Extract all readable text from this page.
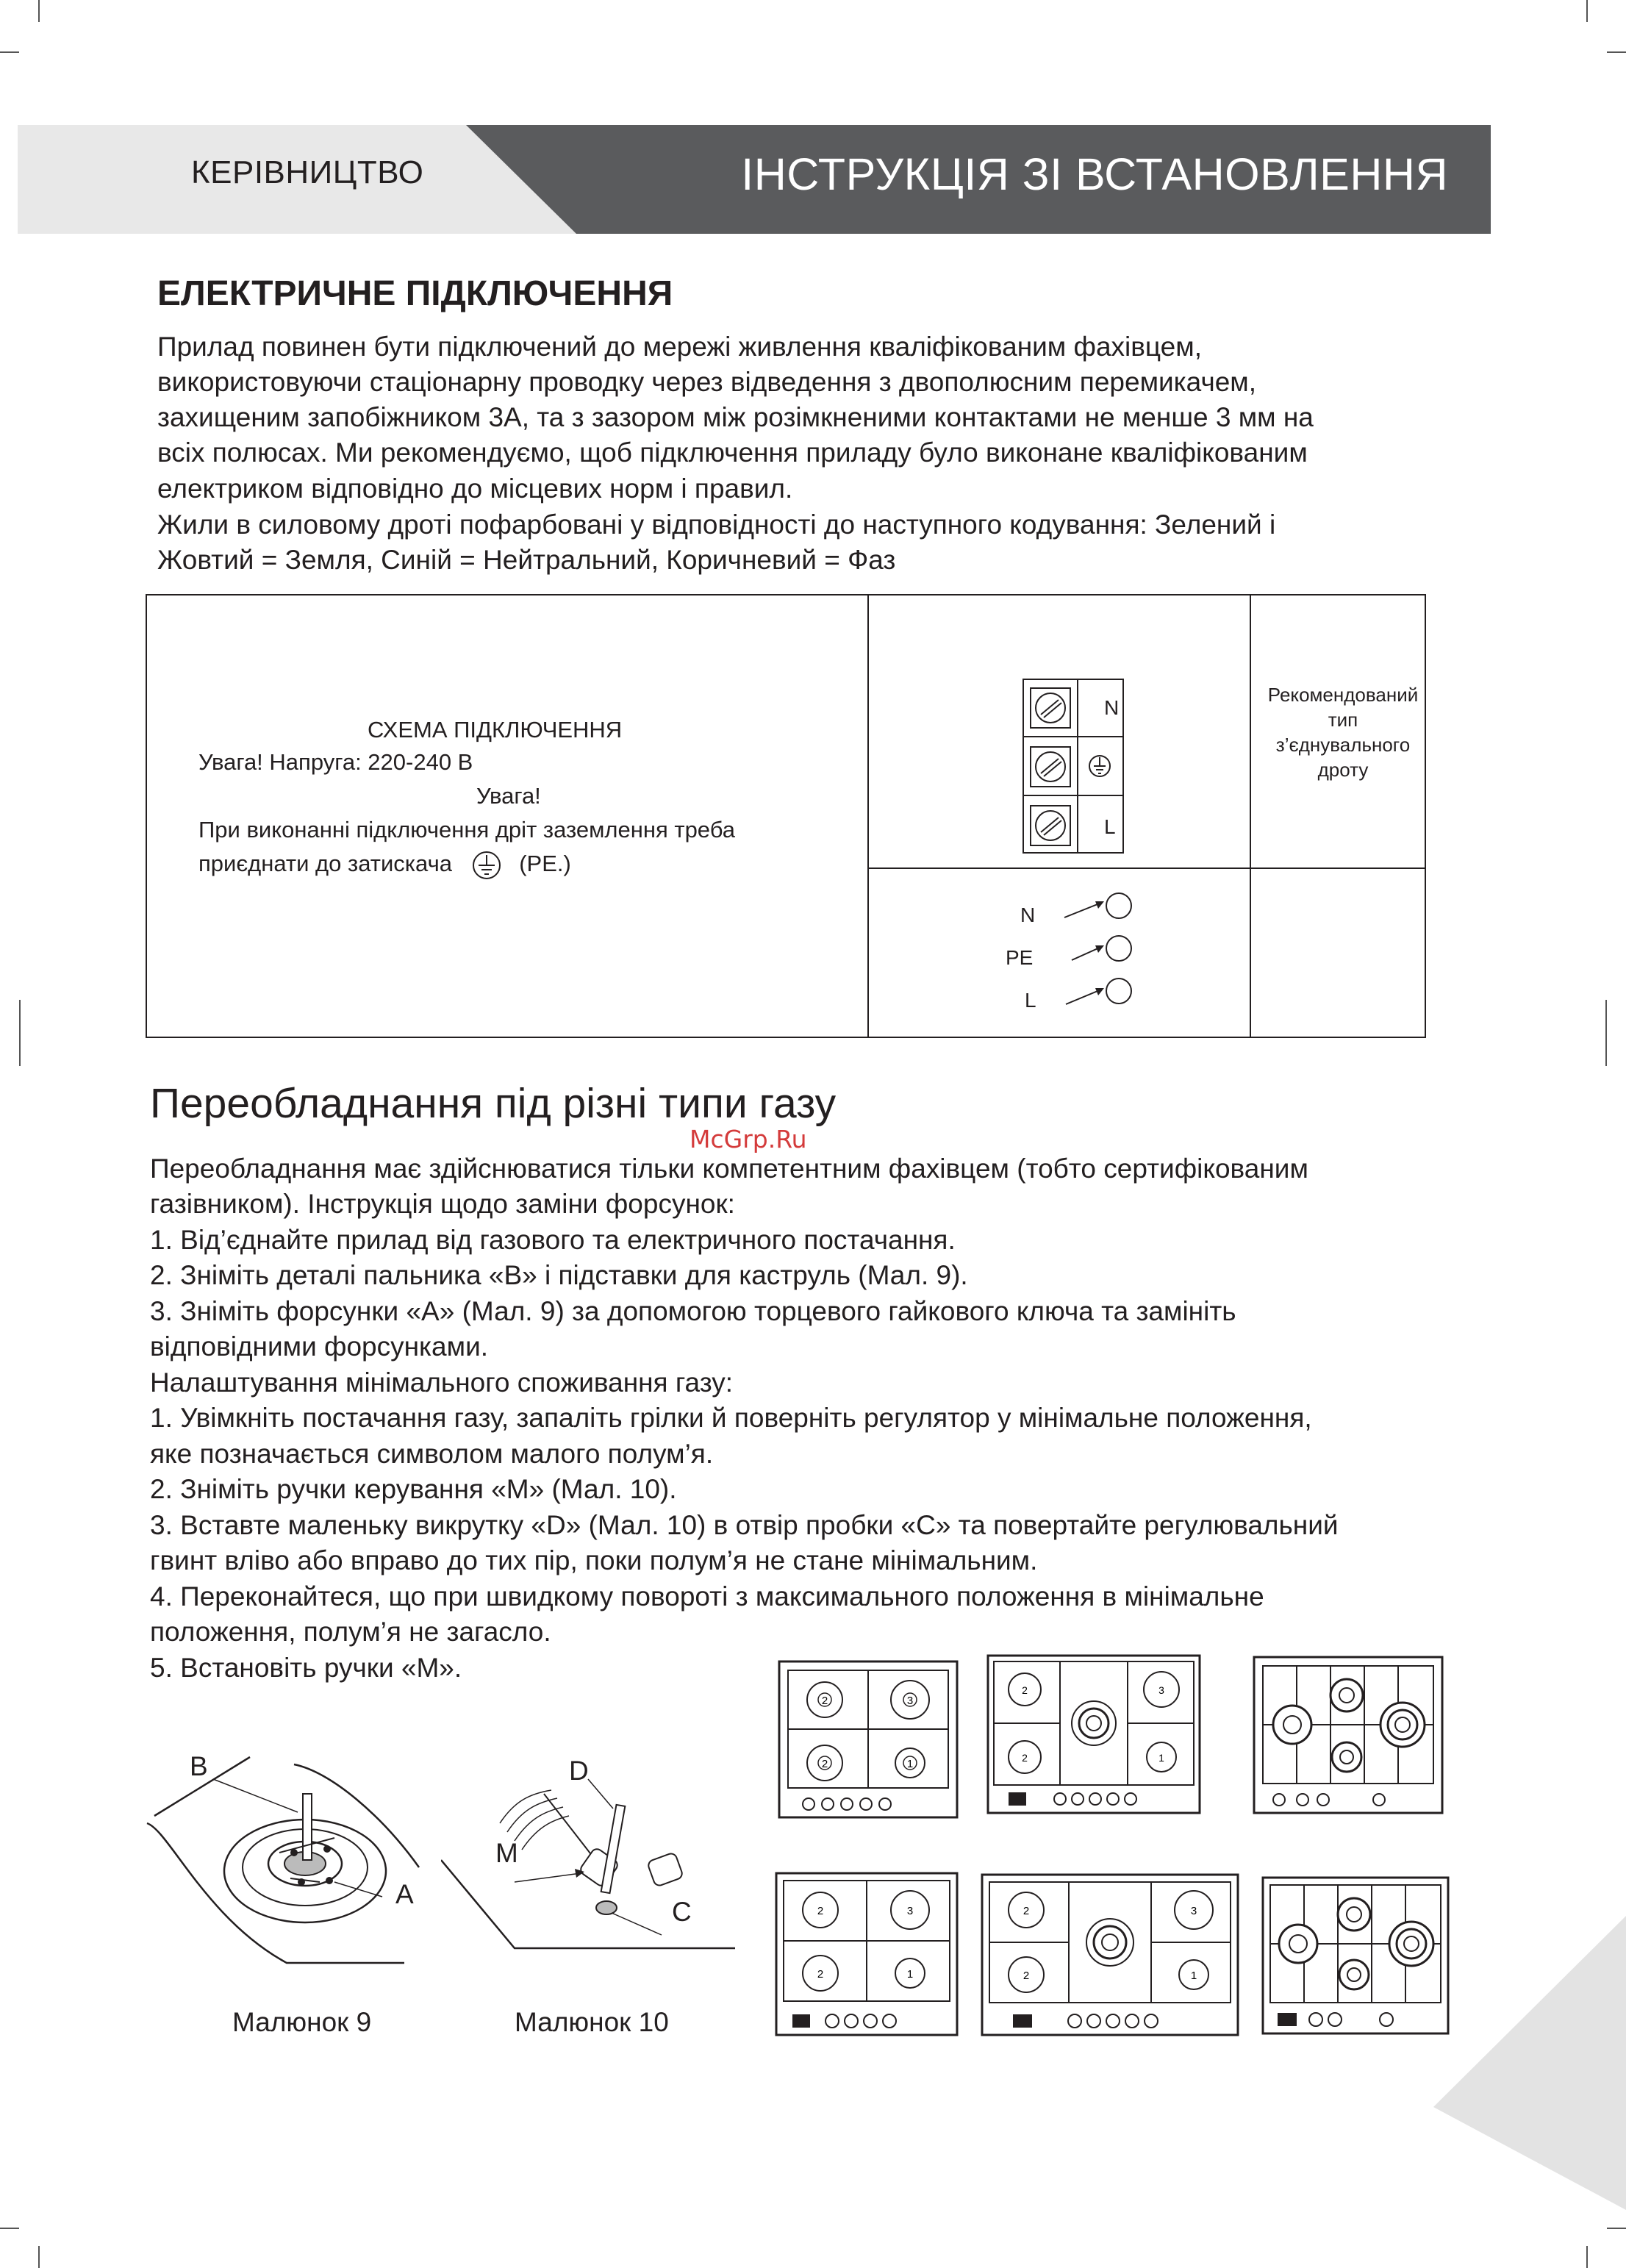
КЕРІВНИЦТВО	ІНСТРУКЦІЯ ЗІ ВСТАНОВЛЕННЯ
ЕЛЕКТРИЧНЕ ПІДКЛЮЧЕННЯ
Прилад повинен бути підключений до мережі живлення кваліфікованим фахівцем,
використовуючи стаціонарну проводку через відведення з двополюсним перемикачем,
захищеним запобіжником 3А, та з зазором між розімкненими контактами не менше 3 мм на
всіх полюсах. Ми рекомендуємо, щоб підключення приладу було виконане кваліфікованим
електриком відповідно до місцевих норм і правил.
Жили в силовому дроті пофарбовані у відповідності до наступного кодування: Зелений і
Жовтий = Земля, Синій = Нейтральний, Коричневий = Фаз
СХЕМА ПІДКЛЮЧЕННЯ
Увага! Напруга: 220-240 В
Увага!
При виконанні підключення дріт заземлення треба
приєднати до затискача	(PE.)
N
L
N
PE
L
Рекомендований
тип
з’єднувального
дроту
Переобладнання під різні типи газу
McGrp.Ru
Переобладнання має здійснюватися тільки компетентним фахівцем (тобто сертифікованим
газівником). Інструкція щодо заміни форсунок:
1. Від’єднайте прилад від газового та електричного постачання.
2. Зніміть деталі пальника «B» і підставки для каструль (Мал. 9).
3. Зніміть форсунки «A» (Мал. 9) за допомогою торцевого гайкового ключа та замініть
відповідними форсунками.
Налаштування мінімального споживання газу:
1. Увімкніть постачання газу, запаліть грілки й поверніть регулятор у мінімальне положення,
яке позначається символом малого полум’я.
2. Зніміть ручки керування «M» (Мал. 10).
3. Вставте маленьку викрутку «D» (Мал. 10) в отвір пробки «C» та повертайте регулювальний
гвинт вліво або вправо до тих пір, поки полум’я не стане мінімальним.
4. Переконайтеся, що при швидкому повороті з максимального положення в мінімальне
положення, полум’я не загасло.
5. Встановіть ручки «M».
B
A
Малюнок 9
D
M
C
Малюнок 10
2	3
2	1
2	3
2	1
2	3
2	1
2	3
2	1
